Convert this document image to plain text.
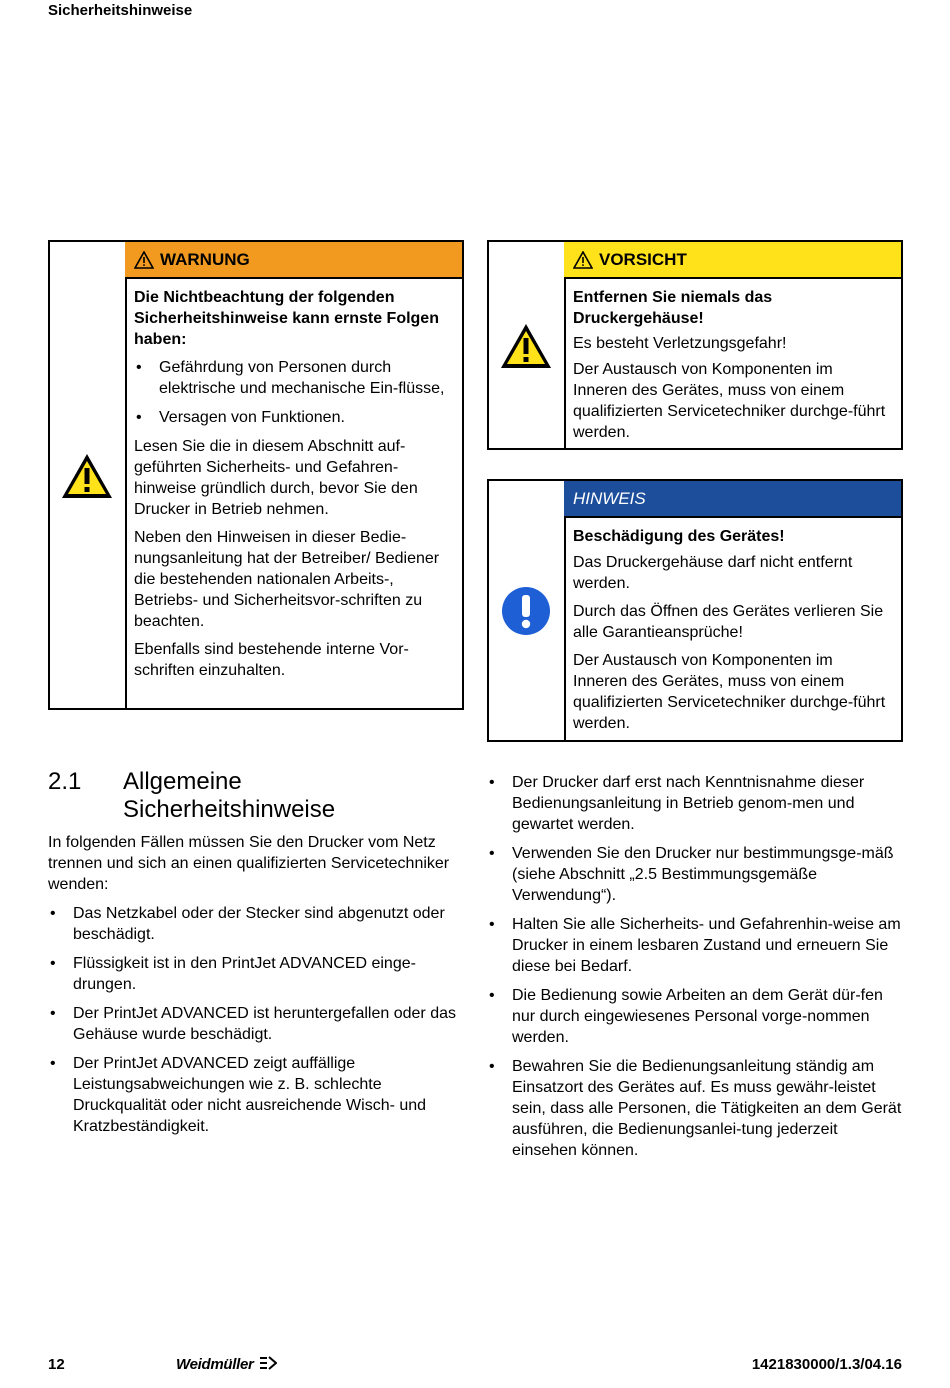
Sicherheitshinweise
WARNUNG

Die Nichtbeachtung der folgenden Sicherheitshinweise kann ernste Folgen haben:

• Gefährdung von Personen durch elektrische und mechanische Ein-flüsse,
• Versagen von Funktionen.

Lesen Sie die in diesem Abschnitt auf-geführten Sicherheits- und Gefahren-hinweise gründlich durch, bevor Sie den Drucker in Betrieb nehmen.

Neben den Hinweisen in dieser Bedie-nungsanleitung hat der Betreiber/ Bediener die bestehenden nationalen Arbeits-, Betriebs- und Sicherheitsvor-schriften zu beachten.

Ebenfalls sind bestehende interne Vor-schriften einzuhalten.

VORSICHT

Entfernen Sie niemals das Druckergehäuse!

Es besteht Verletzungsgefahr!

Der Austausch von Komponenten im Inneren des Gerätes, muss von einem qualifizierten Servicetechniker durchge-führt werden.

HINWEIS

Beschädigung des Gerätes!

Das Druckergehäuse darf nicht entfernt werden.

Durch das Öffnen des Gerätes verlieren Sie alle Garantieansprüche!

Der Austausch von Komponenten im Inneren des Gerätes, muss von einem qualifizierten Servicetechniker durchge-führt werden.

2.1 Allgemeine
Sicherheitshinweise

In folgenden Fällen müssen Sie den Drucker vom Netz trennen und sich an einen qualifizierten Servicetechniker wenden:

• Das Netzkabel oder der Stecker sind abgenutzt oder beschädigt.
• Flüssigkeit ist in den PrintJet ADVANCED einge-drungen.
• Der PrintJet ADVANCED ist heruntergefallen oder das Gehäuse wurde beschädigt.
• Der PrintJet ADVANCED zeigt auffällige Leistungsabweichungen wie z. B. schlechte Druckqualität oder nicht ausreichende Wisch- und Kratzbeständigkeit.
• Der Drucker darf erst nach Kenntnisnahme dieser Bedienungsanleitung in Betrieb genom-men und gewartet werden.
• Verwenden Sie den Drucker nur bestimmungsge-mäß (siehe Abschnitt „2.5 Bestimmungsgemäße Verwendung“).
• Halten Sie alle Sicherheits- und Gefahrenhin-weise am Drucker in einem lesbaren Zustand und erneuern Sie diese bei Bedarf.
• Die Bedienung sowie Arbeiten an dem Gerät dür-fen nur durch eingewiesenes Personal vorge-nommen werden.
• Bewahren Sie die Bedienungsanleitung ständig am Einsatzort des Gerätes auf. Es muss gewähr-leistet sein, dass alle Personen, die Tätigkeiten an dem Gerät ausführen, die Bedienungsanlei-tung jederzeit einsehen können.
12	Weidmüller	1421830000/1.3/04.16
